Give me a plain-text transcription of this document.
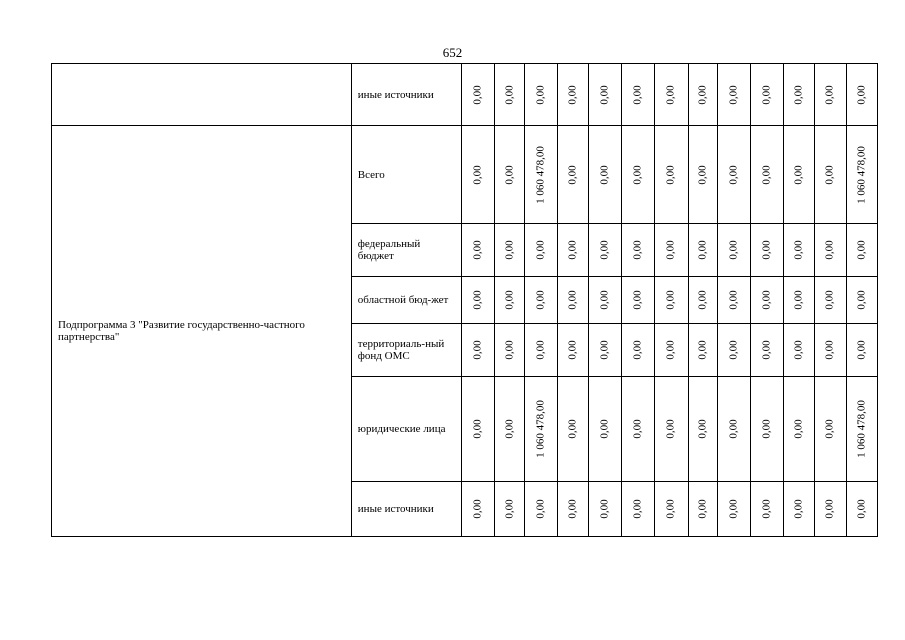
652
	иные источники	0,00	0,00	0,00	0,00	0,00	0,00	0,00	0,00	0,00	0,00	0,00	0,00	0,00

Подпрограмма 3 "Развитие государственно-частного партнерства"	Всего	0,00	0,00	1 060 478,00	0,00	0,00	0,00	0,00	0,00	0,00	0,00	0,00	0,00	1 060 478,00

	федеральный бюджет	0,00	0,00	0,00	0,00	0,00	0,00	0,00	0,00	0,00	0,00	0,00	0,00	0,00

	областной бюд-жет	0,00	0,00	0,00	0,00	0,00	0,00	0,00	0,00	0,00	0,00	0,00	0,00	0,00

	территориаль-ный фонд ОМС	0,00	0,00	0,00	0,00	0,00	0,00	0,00	0,00	0,00	0,00	0,00	0,00	0,00

	юридические лица	0,00	0,00	1 060 478,00	0,00	0,00	0,00	0,00	0,00	0,00	0,00	0,00	0,00	1 060 478,00

	иные источники	0,00	0,00	0,00	0,00	0,00	0,00	0,00	0,00	0,00	0,00	0,00	0,00	0,00
